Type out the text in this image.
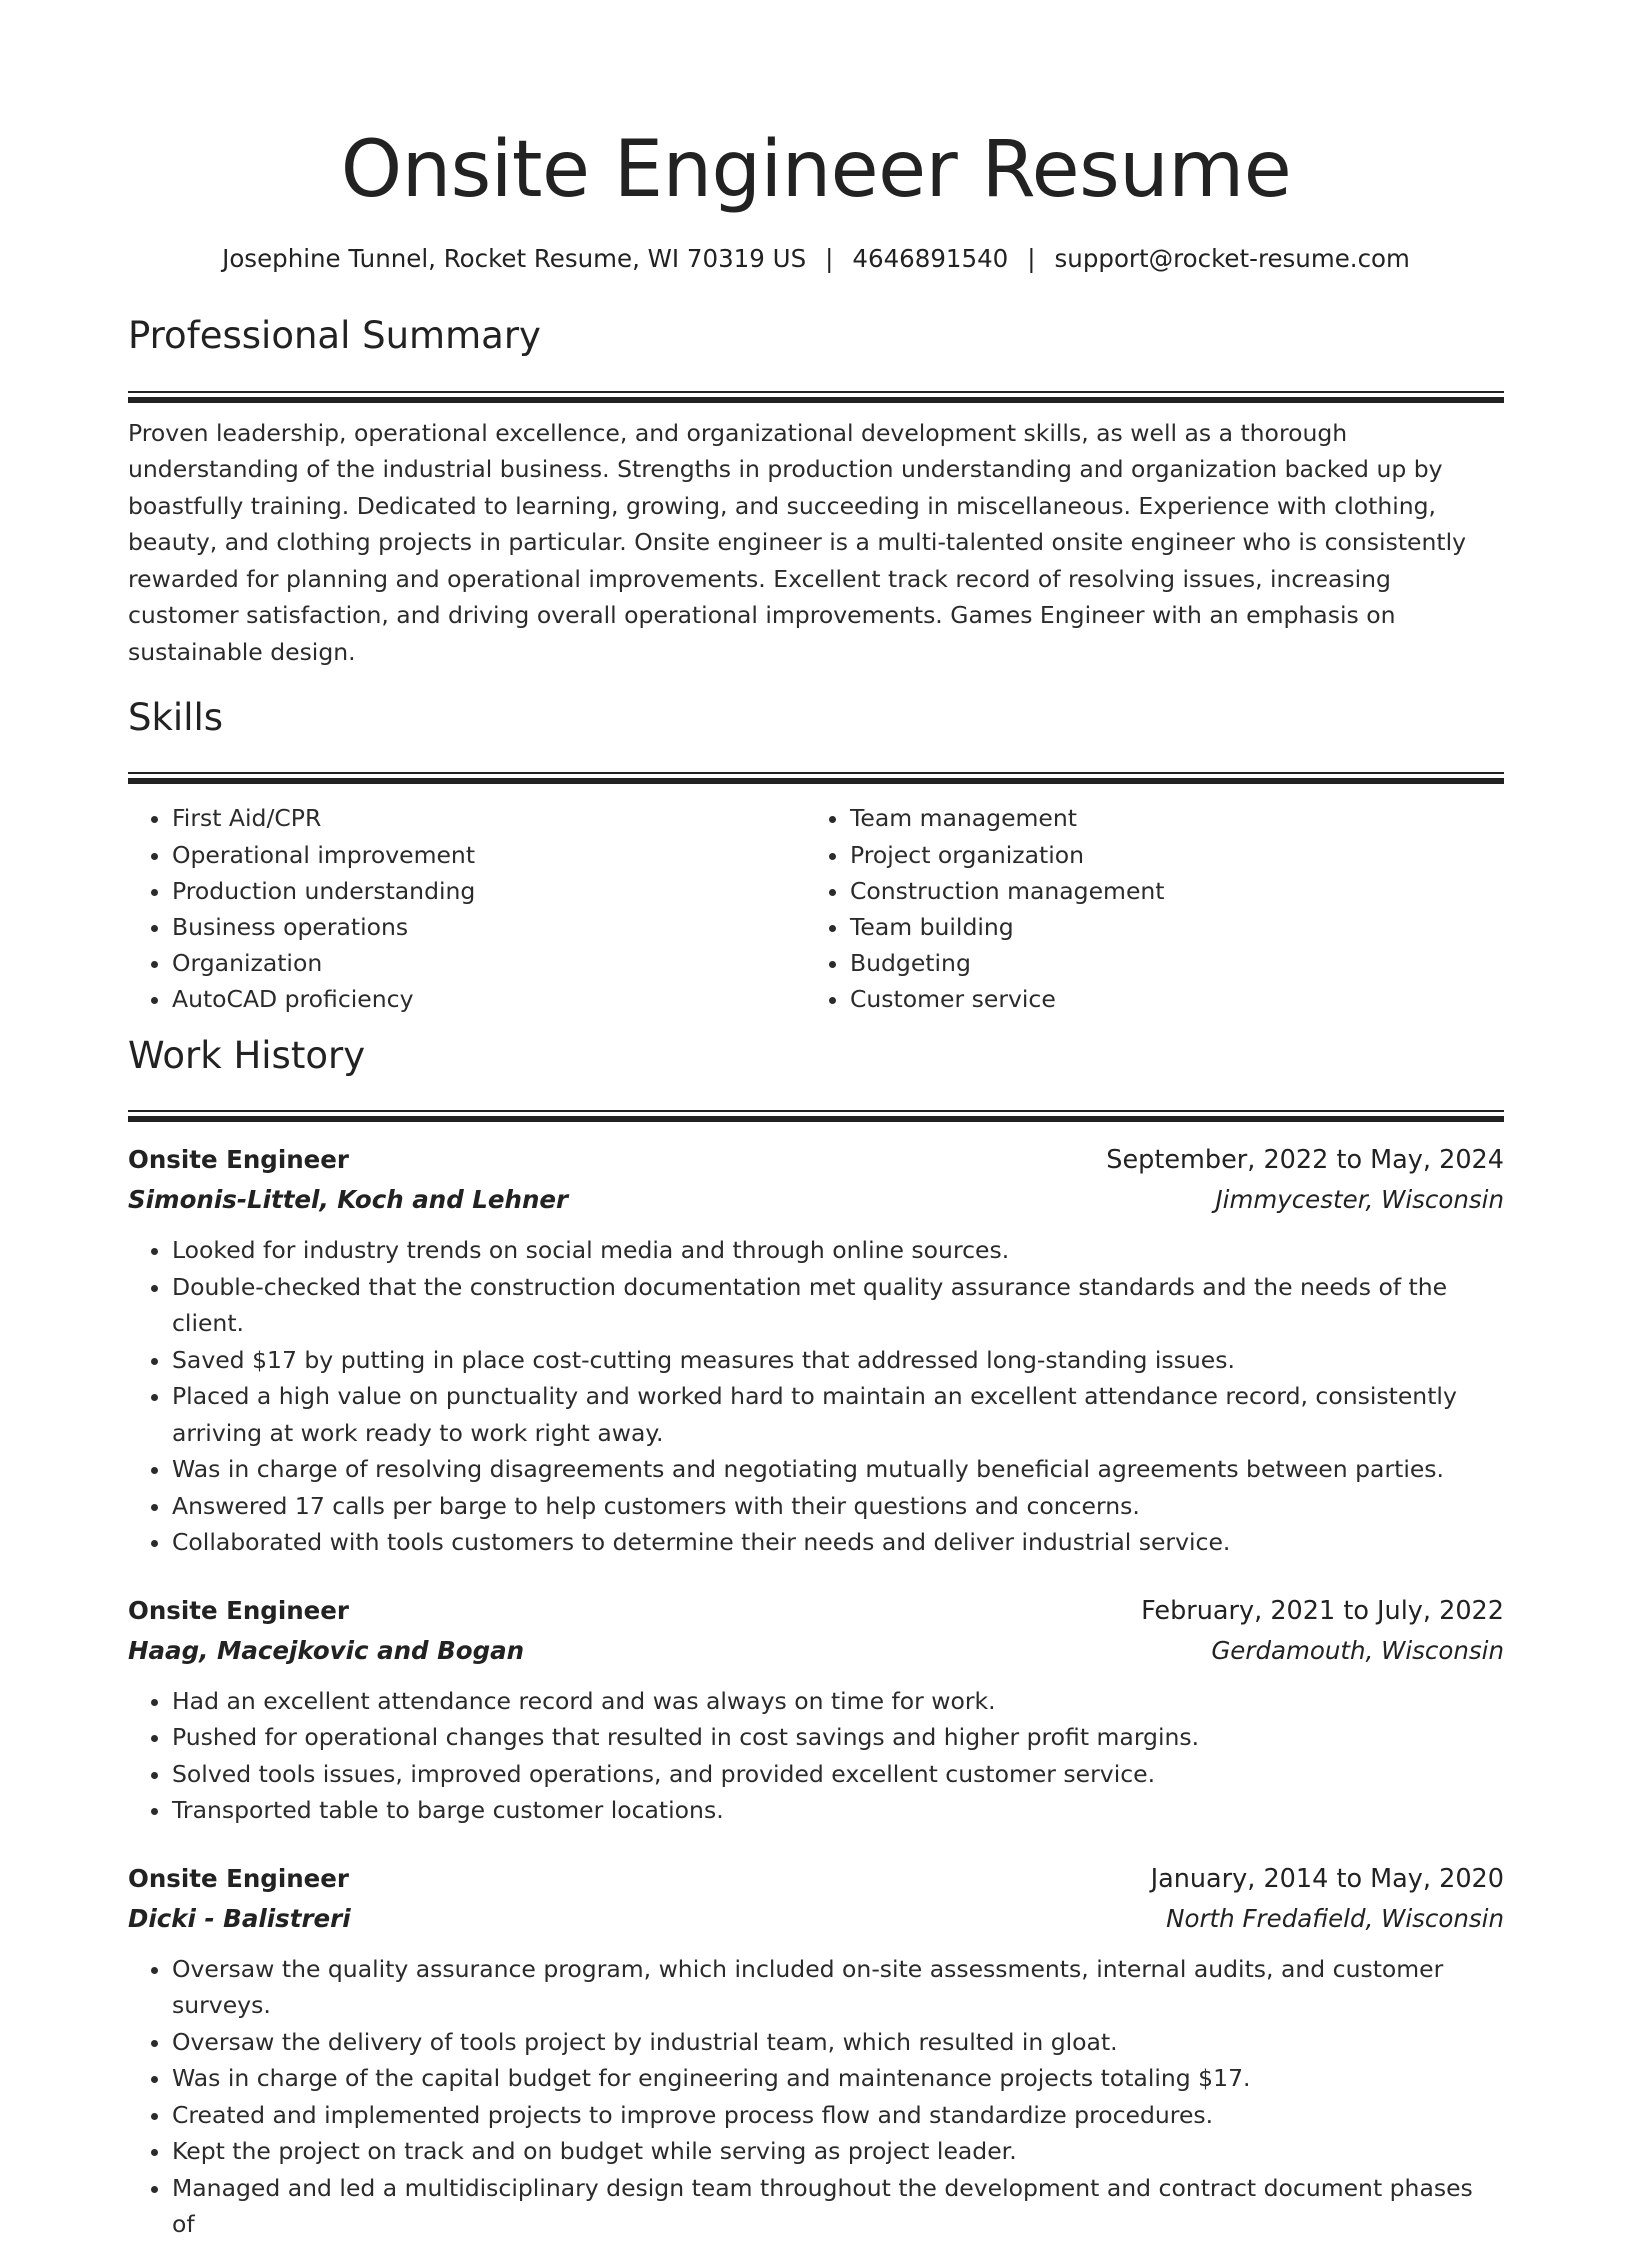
Onsite Engineer Resume
Josephine Tunnel, Rocket Resume, WI 70319 US | 4646891540 | support@rocket-resume.com
Professional Summary

Proven leadership, operational excellence, and organizational development skills, as well as a thorough understanding of the industrial business. Strengths in production understanding and organization backed up by boastfully training. Dedicated to learning, growing, and succeeding in miscellaneous. Experience with clothing, beauty, and clothing projects in particular. Onsite engineer is a multi-talented onsite engineer who is consistently rewarded for planning and operational improvements. Excellent track record of resolving issues, increasing customer satisfaction, and driving overall operational improvements. Games Engineer with an emphasis on sustainable design.

Skills
• First Aid/CPR
• Operational improvement
• Production understanding
• Business operations
• Organization
• AutoCAD proficiency
• Team management
• Project organization
• Construction management
• Team building
• Budgeting
• Customer service
Work History
Onsite Engineer	September, 2022 to May, 2024
Simonis-Littel, Koch and Lehner	Jimmycester, Wisconsin
• Looked for industry trends on social media and through online sources.
• Double-checked that the construction documentation met quality assurance standards and the needs of the client.
• Saved $17 by putting in place cost-cutting measures that addressed long-standing issues.
• Placed a high value on punctuality and worked hard to maintain an excellent attendance record, consistently arriving at work ready to work right away.
• Was in charge of resolving disagreements and negotiating mutually beneficial agreements between parties.
• Answered 17 calls per barge to help customers with their questions and concerns.
• Collaborated with tools customers to determine their needs and deliver industrial service.
Onsite Engineer	February, 2021 to July, 2022
Haag, Macejkovic and Bogan	Gerdamouth, Wisconsin
• Had an excellent attendance record and was always on time for work.
• Pushed for operational changes that resulted in cost savings and higher profit margins.
• Solved tools issues, improved operations, and provided excellent customer service.
• Transported table to barge customer locations.
Onsite Engineer	January, 2014 to May, 2020
Dicki - Balistreri	North Fredafield, Wisconsin
• Oversaw the quality assurance program, which included on-site assessments, internal audits, and customer surveys.
• Oversaw the delivery of tools project by industrial team, which resulted in gloat.
• Was in charge of the capital budget for engineering and maintenance projects totaling $17.
• Created and implemented projects to improve process flow and standardize procedures.
• Kept the project on track and on budget while serving as project leader.
• Managed and led a multidisciplinary design team throughout the development and contract document phases of
